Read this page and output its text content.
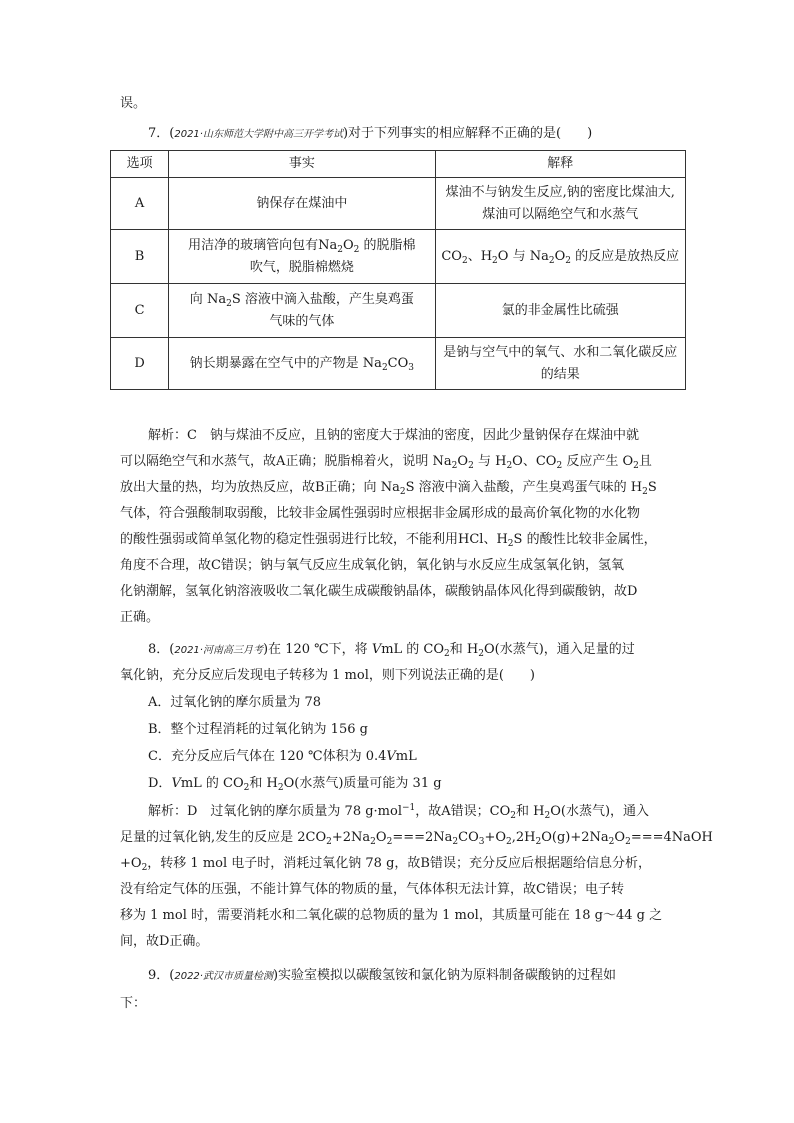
误。
7．(2021·山东师范大学附中高三开学考试)对于下列事实的相应解释不正确的是(　　)
选项	事实	解释
A	钠保存在煤油中	煤油不与钠发生反应,钠的密度比煤油大,
煤油可以隔绝空气和水蒸气
B	用洁净的玻璃管向包有$Na_2O_2$ 的脱脂棉
吹气，脱脂棉燃烧	$CO_2$、$H_2O$ 与 $Na_2O_2$ 的反应是放热反应
C	向 $Na_2S$ 溶液中滴入盐酸，产生臭鸡蛋
气味的气体	氯的非金属性比硫强
D	钠长期暴露在空气中的产物是 $Na_2CO_3$	是钠与空气中的氧气、水和二氧化碳反应
的结果
解析：C　钠与煤油不反应，且钠的密度大于煤油的密度，因此少量钠保存在煤油中就
可以隔绝空气和水蒸气，故A正确；脱脂棉着火，说明 $Na_2O_2$ 与 $H_2O$、$CO_2$ 反应产生 $O_2$且
放出大量的热，均为放热反应，故B正确；向 $Na_2S$ 溶液中滴入盐酸，产生臭鸡蛋气味的 $H_2S$
气体，符合强酸制取弱酸，比较非金属性强弱时应根据非金属形成的最高价氧化物的水化物
的酸性强弱或简单氢化物的稳定性强弱进行比较，不能利用HCl、$H_2S$ 的酸性比较非金属性，
角度不合理，故C错误；钠与氧气反应生成氧化钠，氧化钠与水反应生成氢氧化钠，氢氧
化钠潮解，氢氧化钠溶液吸收二氧化碳生成碳酸钠晶体，碳酸钠晶体风化得到碳酸钠，故D
正确。
8．(2021·河南高三月考)在 120 ℃下，将 VmL 的 $CO_2$和 $H_2O$(水蒸气)，通入足量的过
氧化钠，充分反应后发现电子转移为 1 mol，则下列说法正确的是(　　)
A．过氧化钠的摩尔质量为 78
B．整个过程消耗的过氧化钠为 156 g
C．充分反应后气体在 120 ℃体积为 0.4VmL
D．VmL 的 $CO_2$和 $H_2O$(水蒸气)质量可能为 31 g
解析：D　过氧化钠的摩尔质量为 78 g·mol$^{-1}$，故A错误；$CO_2$和 $H_2O$(水蒸气)，通入
足量的过氧化钠,发生的反应是 $2CO_2+2Na_2O_2===2Na_2CO_3+O_2,2H_2O(g)+2Na_2O_2===4NaOH$
$+O_2$，转移 1 mol 电子时，消耗过氧化钠 78 g，故B错误；充分反应后根据题给信息分析，
没有给定气体的压强，不能计算气体的物质的量，气体体积无法计算，故C错误；电子转
移为 1 mol 时，需要消耗水和二氧化碳的总物质的量为 1 mol，其质量可能在 18 g～44 g 之
间，故D正确。
9．(2022·武汉市质量检测)实验室模拟以碳酸氢铵和氯化钠为原料制备碳酸钠的过程如
下：
